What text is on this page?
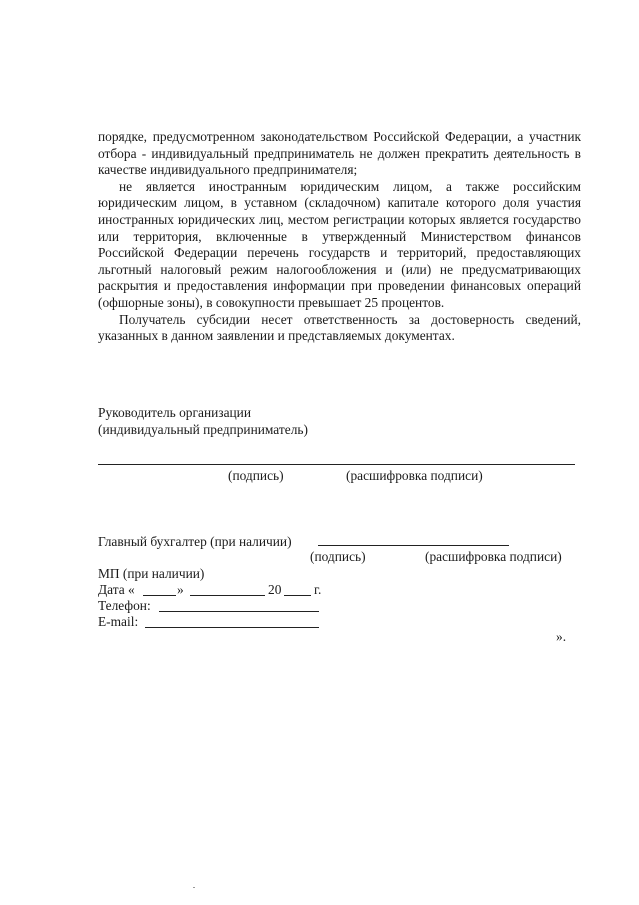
порядке, предусмотренном законодательством Российской Федерации, а участник отбора - индивидуальный предприниматель не должен прекратить деятельность в качестве индивидуального предпринимателя;

не является иностранным юридическим лицом, а также российским юридическим лицом, в уставном (складочном) капитале которого доля участия иностранных юридических лиц, местом регистрации которых является государство или территория, включенные в утвержденный Министерством финансов Российской Федерации перечень государств и территорий, предоставляющих льготный налоговый режим налогообложения и (или) не предусматривающих раскрытия и предоставления информации при проведении финансовых операций (офшорные зоны), в совокупности превышает 25 процентов.

Получатель субсидии несет ответственность за достоверность сведений, указанных в данном заявлении и представляемых документах.

Руководитель организации
(индивидуальный предприниматель)
(подпись)	(расшифровка подписи)
Главный бухгалтер (при наличии)
(подпись)	(расшифровка подписи)
МП (при наличии)
Дата «	»	20 г.
Телефон:
E-mail:
».
